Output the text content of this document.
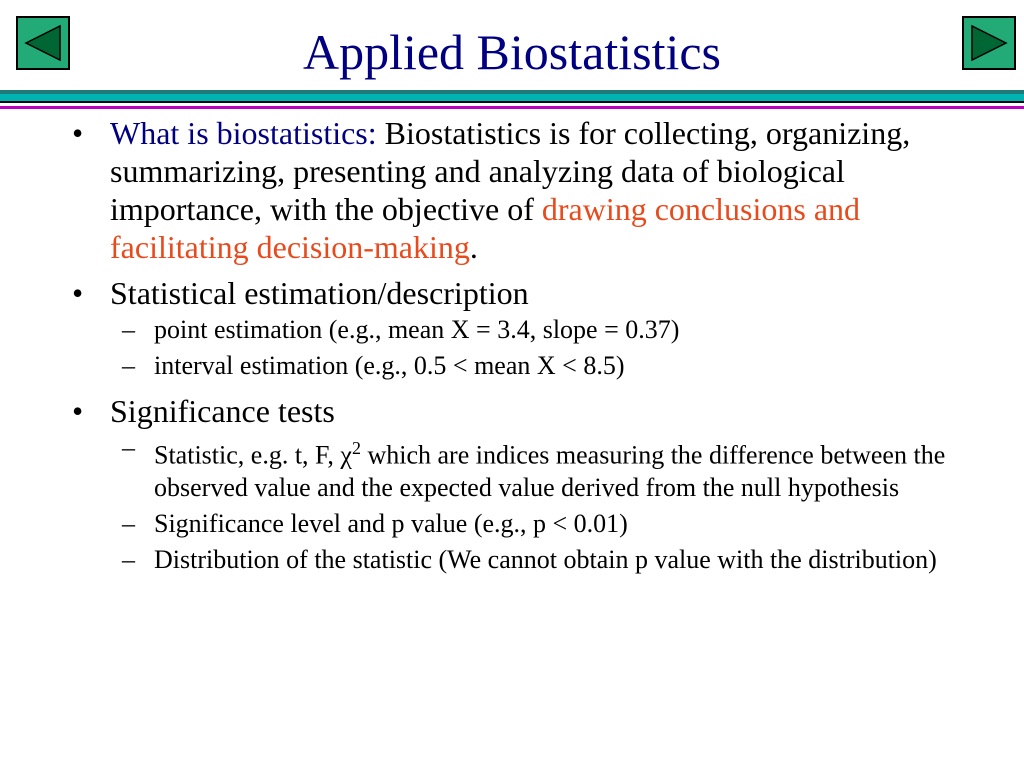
Applied Biostatistics
• What is biostatistics: Biostatistics is for collecting, organizing, summarizing, presenting and analyzing data of biological importance, with the objective of drawing conclusions and facilitating decision-making.
• Statistical estimation/description
– point estimation (e.g., mean X = 3.4, slope = 0.37)
– interval estimation (e.g., 0.5 < mean X < 8.5)
• Significance tests
– Statistic, e.g. t, F, $\chi^2$ which are indices measuring the difference between the observed value and the expected value derived from the null hypothesis
– Significance level and p value (e.g., p < 0.01)
– Distribution of the statistic (We cannot obtain p value with the distribution)
